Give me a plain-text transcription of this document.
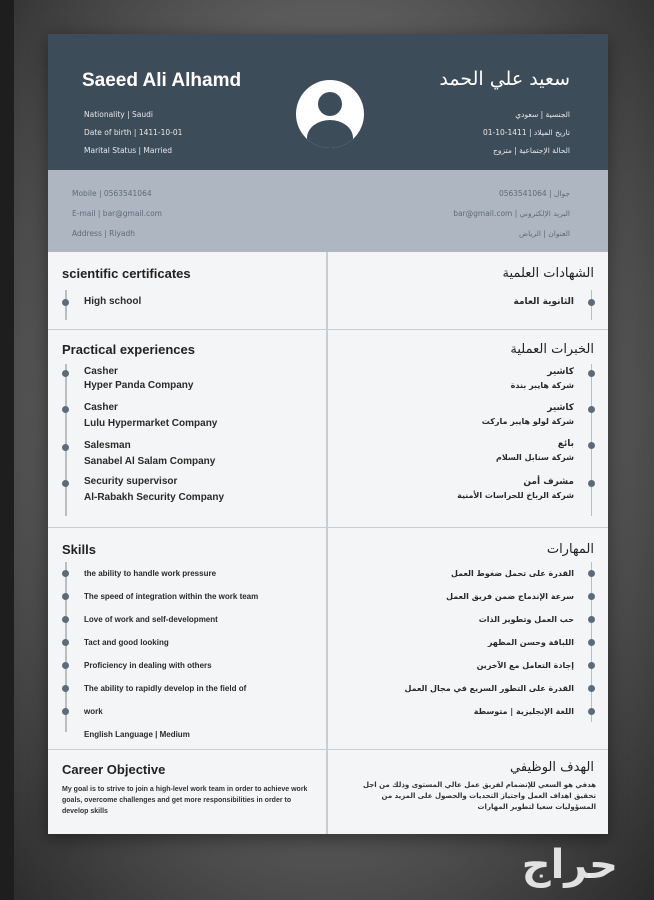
Saeed Ali Alhamd	سعيد علي الحمد
Nationality | Saudi
Date of birth | 1411-10-01
Marital Status | Married
الجنسية | سعودي
تاريخ الميلاد | 1411-10-01
الحالة الإجتماعية | متزوج
Mobile | 0563541064
E-mail | bar@gmail.com
Address | Riyadh
جوال | 0563541064
البريد الإلكتروني | bar@gmail.com
العنوان | الرياض
scientific certificates
High school
Practical experiences
Casher
Hyper Panda Company
Casher
Lulu Hypermarket Company
Salesman
Sanabel Al Salam Company
Security supervisor
Al-Rabakh Security Company
Skills
the ability to handle work pressure
The speed of integration within the work team
Love of work and self-development
Tact and good looking
Proficiency in dealing with others
The ability to rapidly develop in the field of
work
English Language | Medium
Career Objective
My goal is to strive to join a high-level work team in order to achieve work goals, overcome challenges and get more responsibilities in order to develop skills
الشهادات العلمية
الثانوية العامة
الخبرات العملية
كاشير
شركة هايبر بندة
كاشير
شركة لولو هايبر ماركت
بائع
شركة سنابل السلام
مشرف أمن
شركة الرباخ للحراسات الأمنية
المهارات
القدرة على تحمل ضغوط العمل
سرعة الإندماج ضمن فريق العمل
حب العمل وتطوير الذات
اللباقة وحسن المظهر
إجادة التعامل مع الآخرين
القدرة على التطور السريع في مجال العمل
اللغة الإنجليزية | متوسطة
الهدف الوظيفي
هدفي هو السعي للإنضمام لفريق عمل عالي المستوى وذلك من اجل تحقيق اهداف العمل واجتياز التحديات والحصول على المزيد من المسؤوليات سعيا لتطوير المهارات
حراج
